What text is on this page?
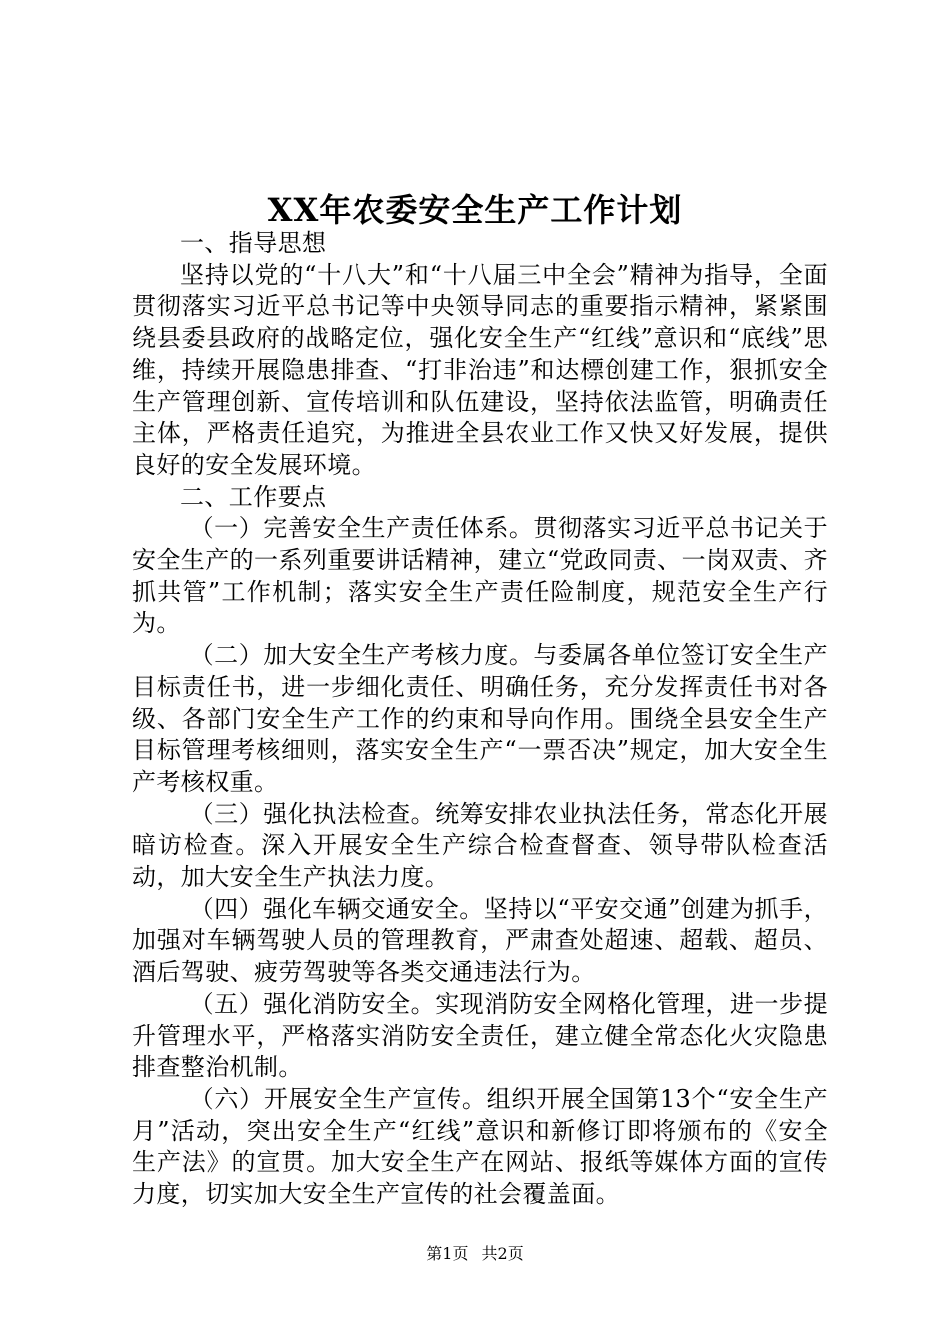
XX年农委安全生产工作计划

一、指导思想

坚持以党的“十八大”和“十八届三中全会”精神为指导，全面贯彻落实习近平总书记等中央领导同志的重要指示精神，紧紧围绕县委县政府的战略定位，强化安全生产“红线”意识和“底线”思维，持续开展隐患排查、“打非治违”和达標创建工作，狠抓安全生产管理创新、宣传培训和队伍建设，坚持依法监管，明确责任主体，严格责任追究，为推进全县农业工作又快又好发展，提供良好的安全发展环境。

二、工作要点

（一）完善安全生产责任体系。贯彻落实习近平总书记关于安全生产的一系列重要讲话精神，建立“党政同责、一岗双责、齐抓共管”工作机制；落实安全生产责任险制度，规范安全生产行为。

（二）加大安全生产考核力度。与委属各单位签订安全生产目标责任书，进一步细化责任、明确任务，充分发挥责任书对各级、各部门安全生产工作的约束和导向作用。围绕全县安全生产目标管理考核细则，落实安全生产“一票否决”规定，加大安全生产考核权重。

（三）强化执法检查。统筹安排农业执法任务，常态化开展暗访检查。深入开展安全生产综合检查督查、领导带队检查活动，加大安全生产执法力度。

（四）强化车辆交通安全。坚持以“平安交通”创建为抓手，加强对车辆驾驶人员的管理教育，严肃查处超速、超载、超员、酒后驾驶、疲劳驾驶等各类交通违法行为。

（五）强化消防安全。实现消防安全网格化管理，进一步提升管理水平，严格落实消防安全责任，建立健全常态化火灾隐患排查整治机制。

（六）开展安全生产宣传。组织开展全国第13个“安全生产月”活动，突出安全生产“红线”意识和新修订即将颁布的《安全生产法》的宣贯。加大安全生产在网站、报纸等媒体方面的宣传力度，切实加大安全生产宣传的社会覆盖面。

第1页 共2页
